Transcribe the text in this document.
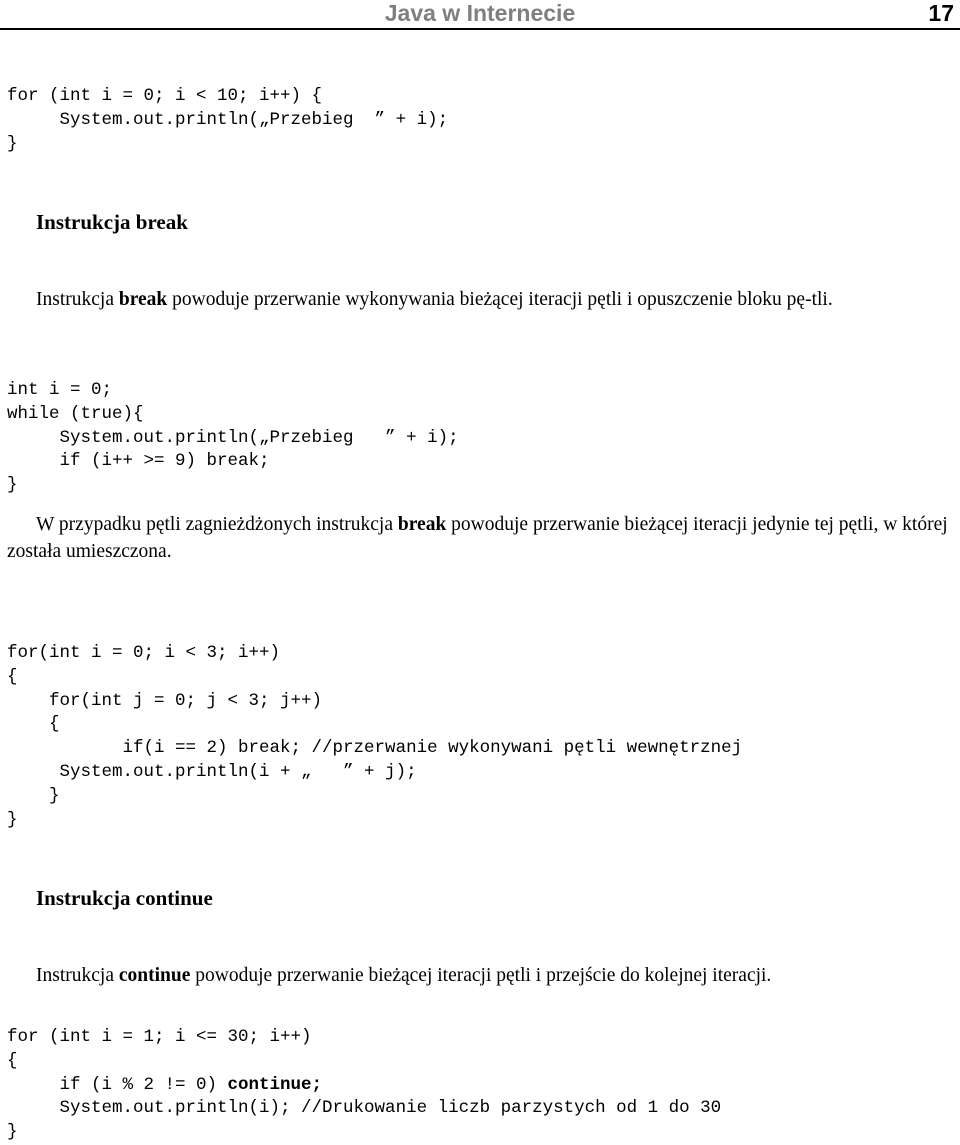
Java w Internecie	17
for (int i = 0; i < 10; i++) {
System.out.println(„Przebieg  ” + i);
}
Instrukcja break
Instrukcja break powoduje przerwanie wykonywania bieżącej iteracji pętli i opuszczenie bloku pę-tli.
int i = 0;
while (true){
System.out.println(„Przebieg   ” + i);
if (i++ >= 9) break;
}
W przypadku pętli zagnieżdżonych instrukcja break powoduje przerwanie bieżącej iteracji jedynie tej pętli, w której została umieszczona.
for(int i = 0; i < 3; i++)
{
for(int j = 0; j < 3; j++)
{
if(i == 2) break; //przerwanie wykonywani pętli wewnętrznej
System.out.println(i + „   ” + j);
}
}
Instrukcja continue
Instrukcja continue powoduje przerwanie bieżącej iteracji pętli i przejście do kolejnej iteracji.
for (int i = 1; i <= 30; i++)
{
if (i % 2 != 0) continue;
System.out.println(i); //Drukowanie liczb parzystych od 1 do 30
}
